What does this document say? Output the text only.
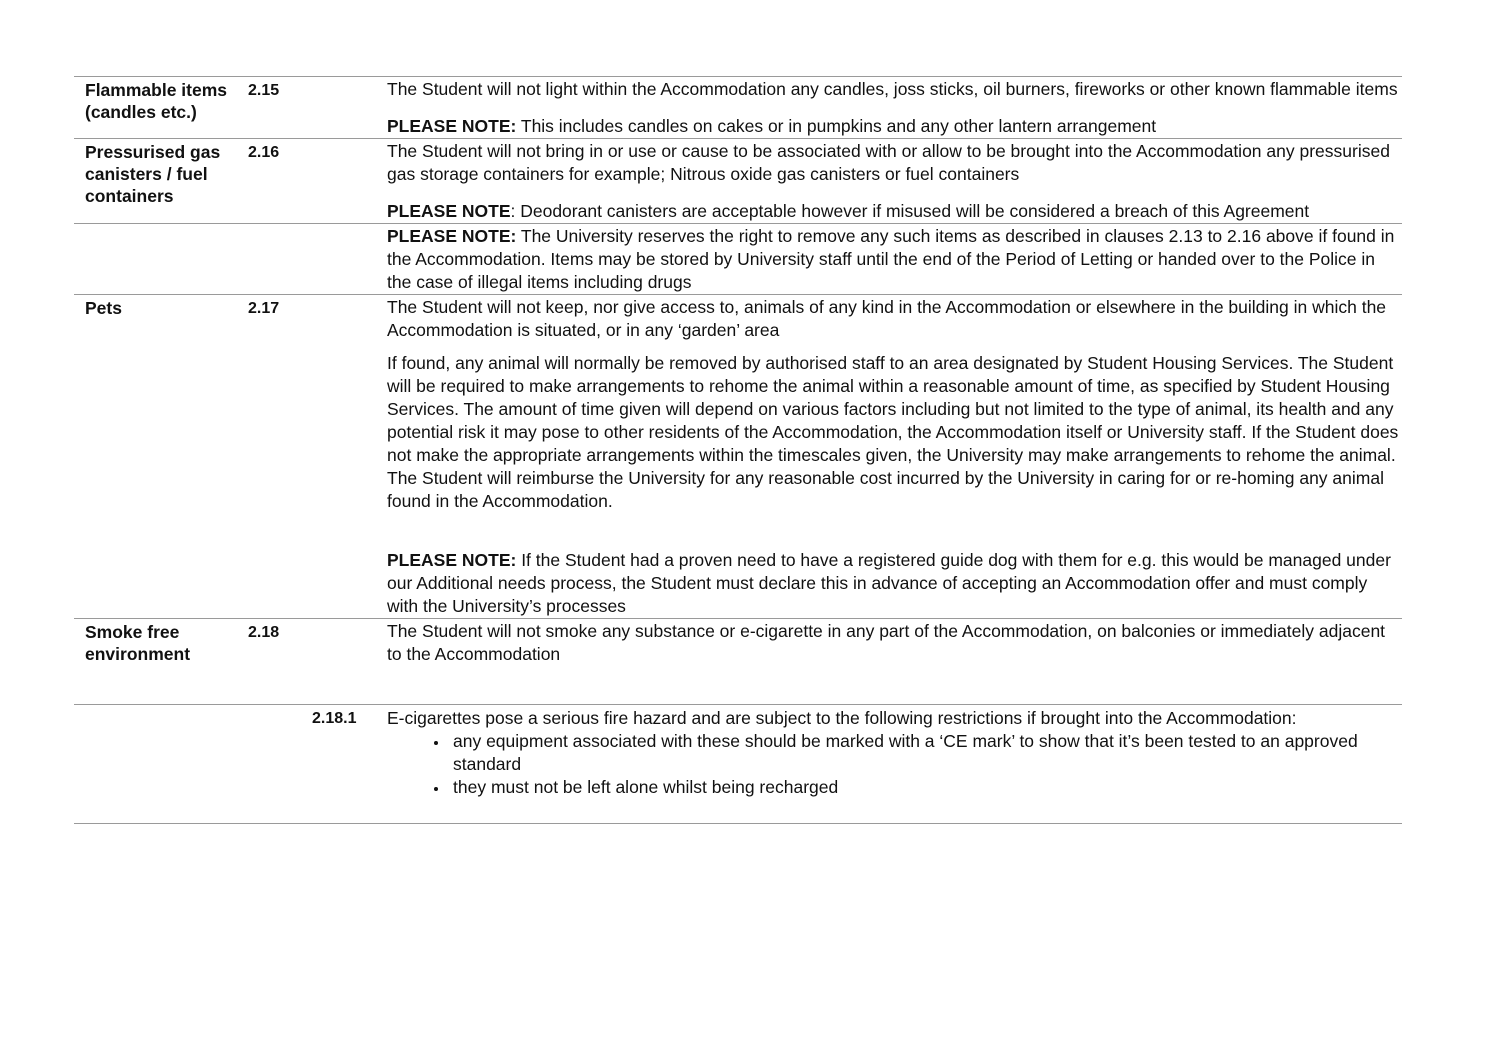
Flammable items (candles etc.)
2.15	The Student will not light within the Accommodation any candles, joss sticks, oil burners, fireworks or other known flammable items

PLEASE NOTE: This includes candles on cakes or in pumpkins and any other lantern arrangement

Pressurised gas canisters / fuel containers
2.16	The Student will not bring in or use or cause to be associated with or allow to be brought into the Accommodation any pressurised gas storage containers for example; Nitrous oxide gas canisters or fuel containers

PLEASE NOTE: Deodorant canisters are acceptable however if misused will be considered a breach of this Agreement

PLEASE NOTE: The University reserves the right to remove any such items as described in clauses 2.13 to 2.16 above if found in the Accommodation. Items may be stored by University staff until the end of the Period of Letting or handed over to the Police in the case of illegal items including drugs

Pets	2.17	The Student will not keep, nor give access to, animals of any kind in the Accommodation or elsewhere in the building in which the Accommodation is situated, or in any ‘garden’ area

If found, any animal will normally be removed by authorised staff to an area designated by Student Housing Services. The Student will be required to make arrangements to rehome the animal within a reasonable amount of time, as specified by Student Housing Services. The amount of time given will depend on various factors including but not limited to the type of animal, its health and any potential risk it may pose to other residents of the Accommodation, the Accommodation itself or University staff. If the Student does not make the appropriate arrangements within the timescales given, the University may make arrangements to rehome the animal. The Student will reimburse the University for any reasonable cost incurred by the University in caring for or re-homing any animal found in the Accommodation.

PLEASE NOTE: If the Student had a proven need to have a registered guide dog with them for e.g. this would be managed under our Additional needs process, the Student must declare this in advance of accepting an Accommodation offer and must comply with the University’s processes

Smoke free environment
2.18	The Student will not smoke any substance or e-cigarette in any part of the Accommodation, on balconies or immediately adjacent to the Accommodation

2.18.1 E-cigarettes pose a serious fire hazard and are subject to the following restrictions if brought into the Accommodation:

• any equipment associated with these should be marked with a ‘CE mark’ to show that it’s been tested to an approved standard
• they must not be left alone whilst being recharged
